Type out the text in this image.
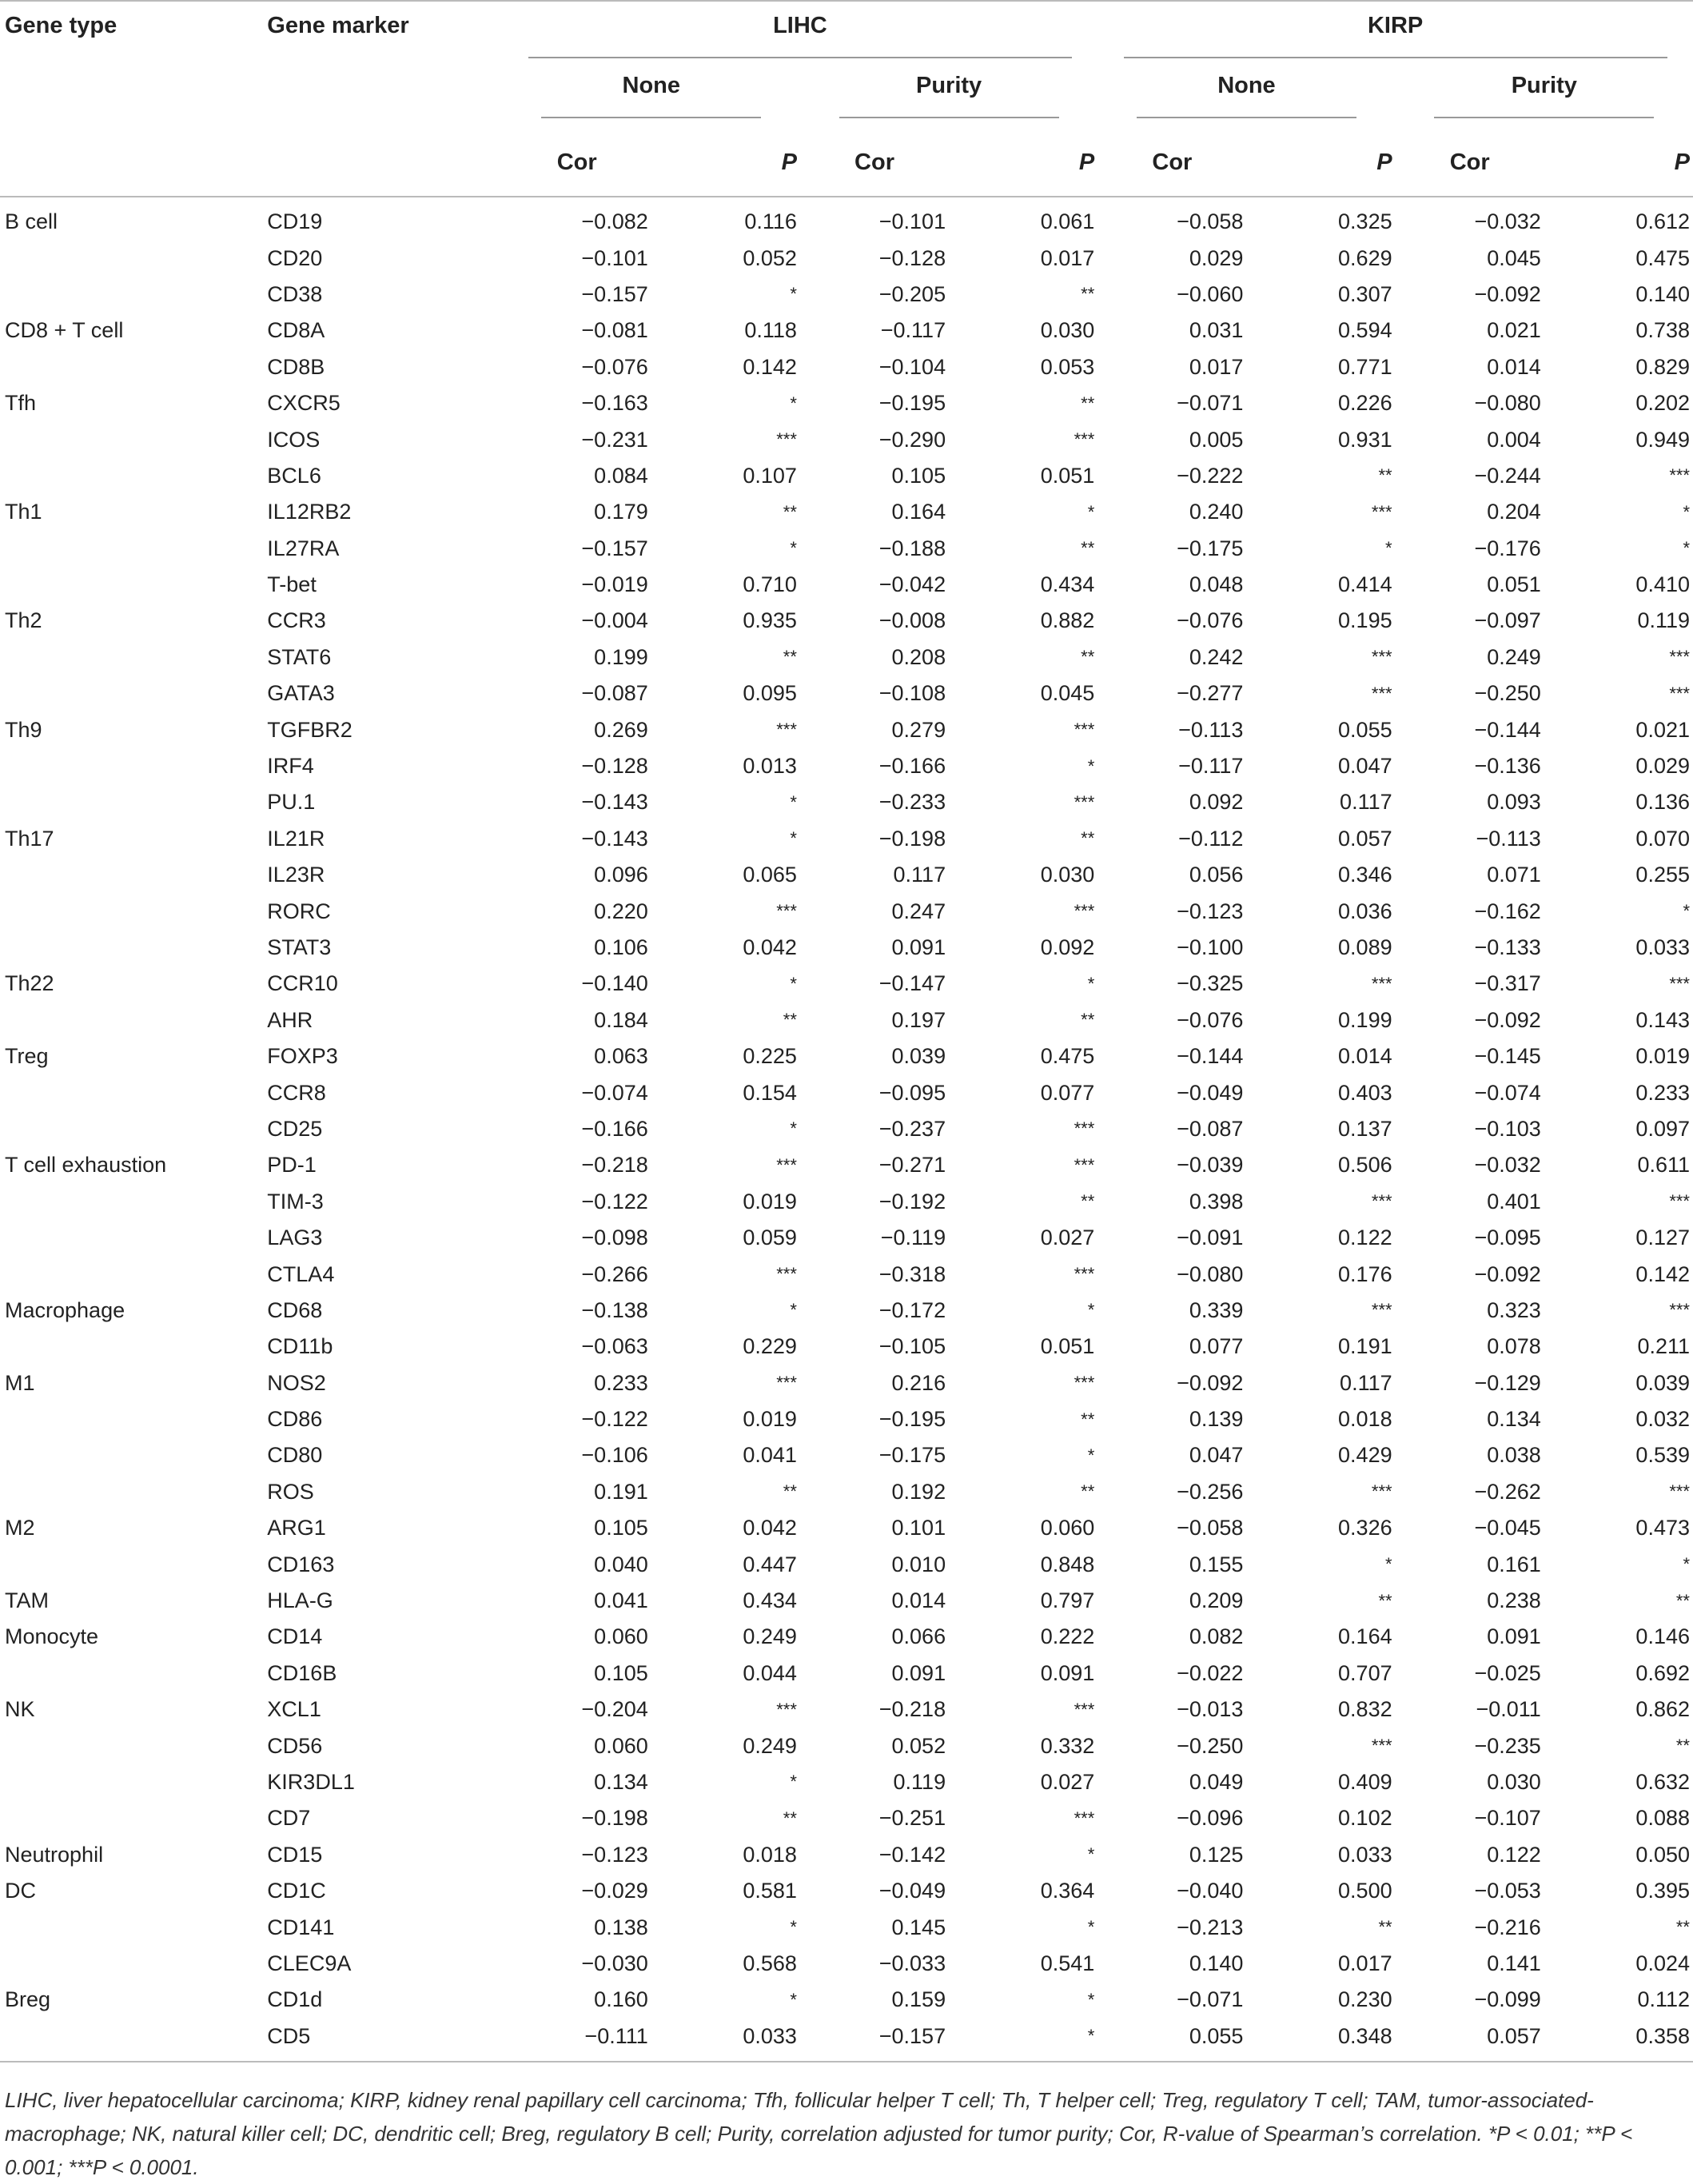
Gene type	Gene marker	LIHC				KIRP			

		None		Purity		None		Purity	

		Cor	P	Cor	P	Cor	P	Cor	P
B cell	CD19	−0.082	0.116	−0.101	0.061	−0.058	0.325	−0.032	0.612
	CD20	−0.101	0.052	−0.128	0.017	0.029	0.629	0.045	0.475
	CD38	−0.157	*	−0.205	**	−0.060	0.307	−0.092	0.140
CD8 + T cell	CD8A	−0.081	0.118	−0.117	0.030	0.031	0.594	0.021	0.738
	CD8B	−0.076	0.142	−0.104	0.053	0.017	0.771	0.014	0.829
Tfh	CXCR5	−0.163	*	−0.195	**	−0.071	0.226	−0.080	0.202
	ICOS	−0.231	***	−0.290	***	0.005	0.931	0.004	0.949
	BCL6	0.084	0.107	0.105	0.051	−0.222	**	−0.244	***
Th1	IL12RB2	0.179	**	0.164	*	0.240	***	0.204	*
	IL27RA	−0.157	*	−0.188	**	−0.175	*	−0.176	*
	T-bet	−0.019	0.710	−0.042	0.434	0.048	0.414	0.051	0.410
Th2	CCR3	−0.004	0.935	−0.008	0.882	−0.076	0.195	−0.097	0.119
	STAT6	0.199	**	0.208	**	0.242	***	0.249	***
	GATA3	−0.087	0.095	−0.108	0.045	−0.277	***	−0.250	***
Th9	TGFBR2	0.269	***	0.279	***	−0.113	0.055	−0.144	0.021
	IRF4	−0.128	0.013	−0.166	*	−0.117	0.047	−0.136	0.029
	PU.1	−0.143	*	−0.233	***	0.092	0.117	0.093	0.136
Th17	IL21R	−0.143	*	−0.198	**	−0.112	0.057	−0.113	0.070
	IL23R	0.096	0.065	0.117	0.030	0.056	0.346	0.071	0.255
	RORC	0.220	***	0.247	***	−0.123	0.036	−0.162	*
	STAT3	0.106	0.042	0.091	0.092	−0.100	0.089	−0.133	0.033
Th22	CCR10	−0.140	*	−0.147	*	−0.325	***	−0.317	***
	AHR	0.184	**	0.197	**	−0.076	0.199	−0.092	0.143
Treg	FOXP3	0.063	0.225	0.039	0.475	−0.144	0.014	−0.145	0.019
	CCR8	−0.074	0.154	−0.095	0.077	−0.049	0.403	−0.074	0.233
	CD25	−0.166	*	−0.237	***	−0.087	0.137	−0.103	0.097
T cell exhaustion	PD-1	−0.218	***	−0.271	***	−0.039	0.506	−0.032	0.611
	TIM-3	−0.122	0.019	−0.192	**	0.398	***	0.401	***
	LAG3	−0.098	0.059	−0.119	0.027	−0.091	0.122	−0.095	0.127
	CTLA4	−0.266	***	−0.318	***	−0.080	0.176	−0.092	0.142
Macrophage	CD68	−0.138	*	−0.172	*	0.339	***	0.323	***
	CD11b	−0.063	0.229	−0.105	0.051	0.077	0.191	0.078	0.211
M1	NOS2	0.233	***	0.216	***	−0.092	0.117	−0.129	0.039
	CD86	−0.122	0.019	−0.195	**	0.139	0.018	0.134	0.032
	CD80	−0.106	0.041	−0.175	*	0.047	0.429	0.038	0.539
	ROS	0.191	**	0.192	**	−0.256	***	−0.262	***
M2	ARG1	0.105	0.042	0.101	0.060	−0.058	0.326	−0.045	0.473
	CD163	0.040	0.447	0.010	0.848	0.155	*	0.161	*
TAM	HLA-G	0.041	0.434	0.014	0.797	0.209	**	0.238	**
Monocyte	CD14	0.060	0.249	0.066	0.222	0.082	0.164	0.091	0.146
	CD16B	0.105	0.044	0.091	0.091	−0.022	0.707	−0.025	0.692
NK	XCL1	−0.204	***	−0.218	***	−0.013	0.832	−0.011	0.862
	CD56	0.060	0.249	0.052	0.332	−0.250	***	−0.235	**
	KIR3DL1	0.134	*	0.119	0.027	0.049	0.409	0.030	0.632
	CD7	−0.198	**	−0.251	***	−0.096	0.102	−0.107	0.088
Neutrophil	CD15	−0.123	0.018	−0.142	*	0.125	0.033	0.122	0.050
DC	CD1C	−0.029	0.581	−0.049	0.364	−0.040	0.500	−0.053	0.395
	CD141	0.138	*	0.145	*	−0.213	**	−0.216	**
	CLEC9A	−0.030	0.568	−0.033	0.541	0.140	0.017	0.141	0.024
Breg	CD1d	0.160	*	0.159	*	−0.071	0.230	−0.099	0.112
	CD5	−0.111	0.033	−0.157	*	0.055	0.348	0.057	0.358
LIHC, liver hepatocellular carcinoma; KIRP, kidney renal papillary cell carcinoma; Tfh, follicular helper T cell; Th, T helper cell; Treg, regulatory T cell; TAM, tumor-associated-macrophage; NK, natural killer cell; DC, dendritic cell; Breg, regulatory B cell; Purity, correlation adjusted for tumor purity; Cor, R-value of Spearman’s correlation. *P < 0.01; **P < 0.001; ***P < 0.0001.
